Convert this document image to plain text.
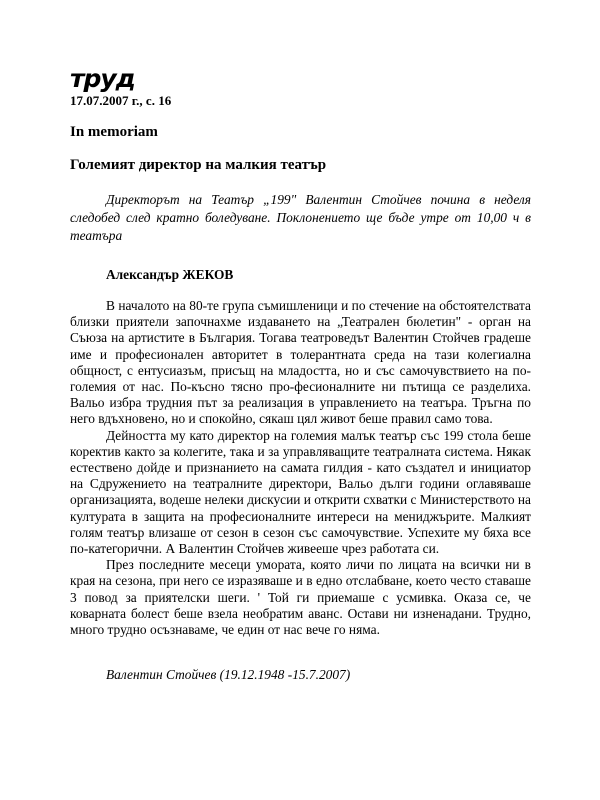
труд
17.07.2007 г., с. 16
In memoriam
Големият директор на малкия театър

Директорът на Театър „199" Валентин Стойчев почина в неделя следобед след кратно боледуване. Поклонението ще бъде утре от 10,00 ч в театъра

Александър ЖЕКОВ

В началото на 80-те група съмишленици и по стечение на обстоятелствата близки приятели започнахме издаването на „Театрален бюлетин" - орган на Съюза на артистите в България. Тогава театроведът Валентин Стойчев градеше име и професионален авторитет в толерантната среда на тази колегиална общност, с ентусиазъм, присъщ на младостта, но и със самочувствието на по-големия от нас. По-късно тясно про-фесионалните ни пътища се разделиха. Вальо избра трудния път за реализация в управлението на театъра. Тръгна по него вдъхновено, но и спокойно, сякаш цял живот беше правил само това.

Дейността му като директор на големия малък театър със 199 стола беше коректив както за колегите, така и за управляващите театралната система. Някак естествено дойде и признанието на самата гилдия - като създател и инициатор на Сдружението на театралните директори, Вальо дълги години оглавяваше организацията, водеше нелеки дискусии и открити схватки с Министерството на културата в защита на професионалните интереси на мениджърите. Малкият голям театър влизаше от сезон в сезон със самочувствие. Успехите му бяха все по-категорични. А Валентин Стойчев живееше чрез работата си.

През последните месеци умората, която личи по лицата на всички ни в края на сезона, при него се изразяваше и в едно отслабване, което често ставаше 3 повод за приятелски шеги. ' Той ги приемаше с усмивка. Оказа се, че коварната болест беше взела необратим аванс. Остави ни изненадани. Трудно, много трудно осъзнаваме, че един от нас вече го няма.

Валентин Стойчев (19.12.1948 -15.7.2007)
